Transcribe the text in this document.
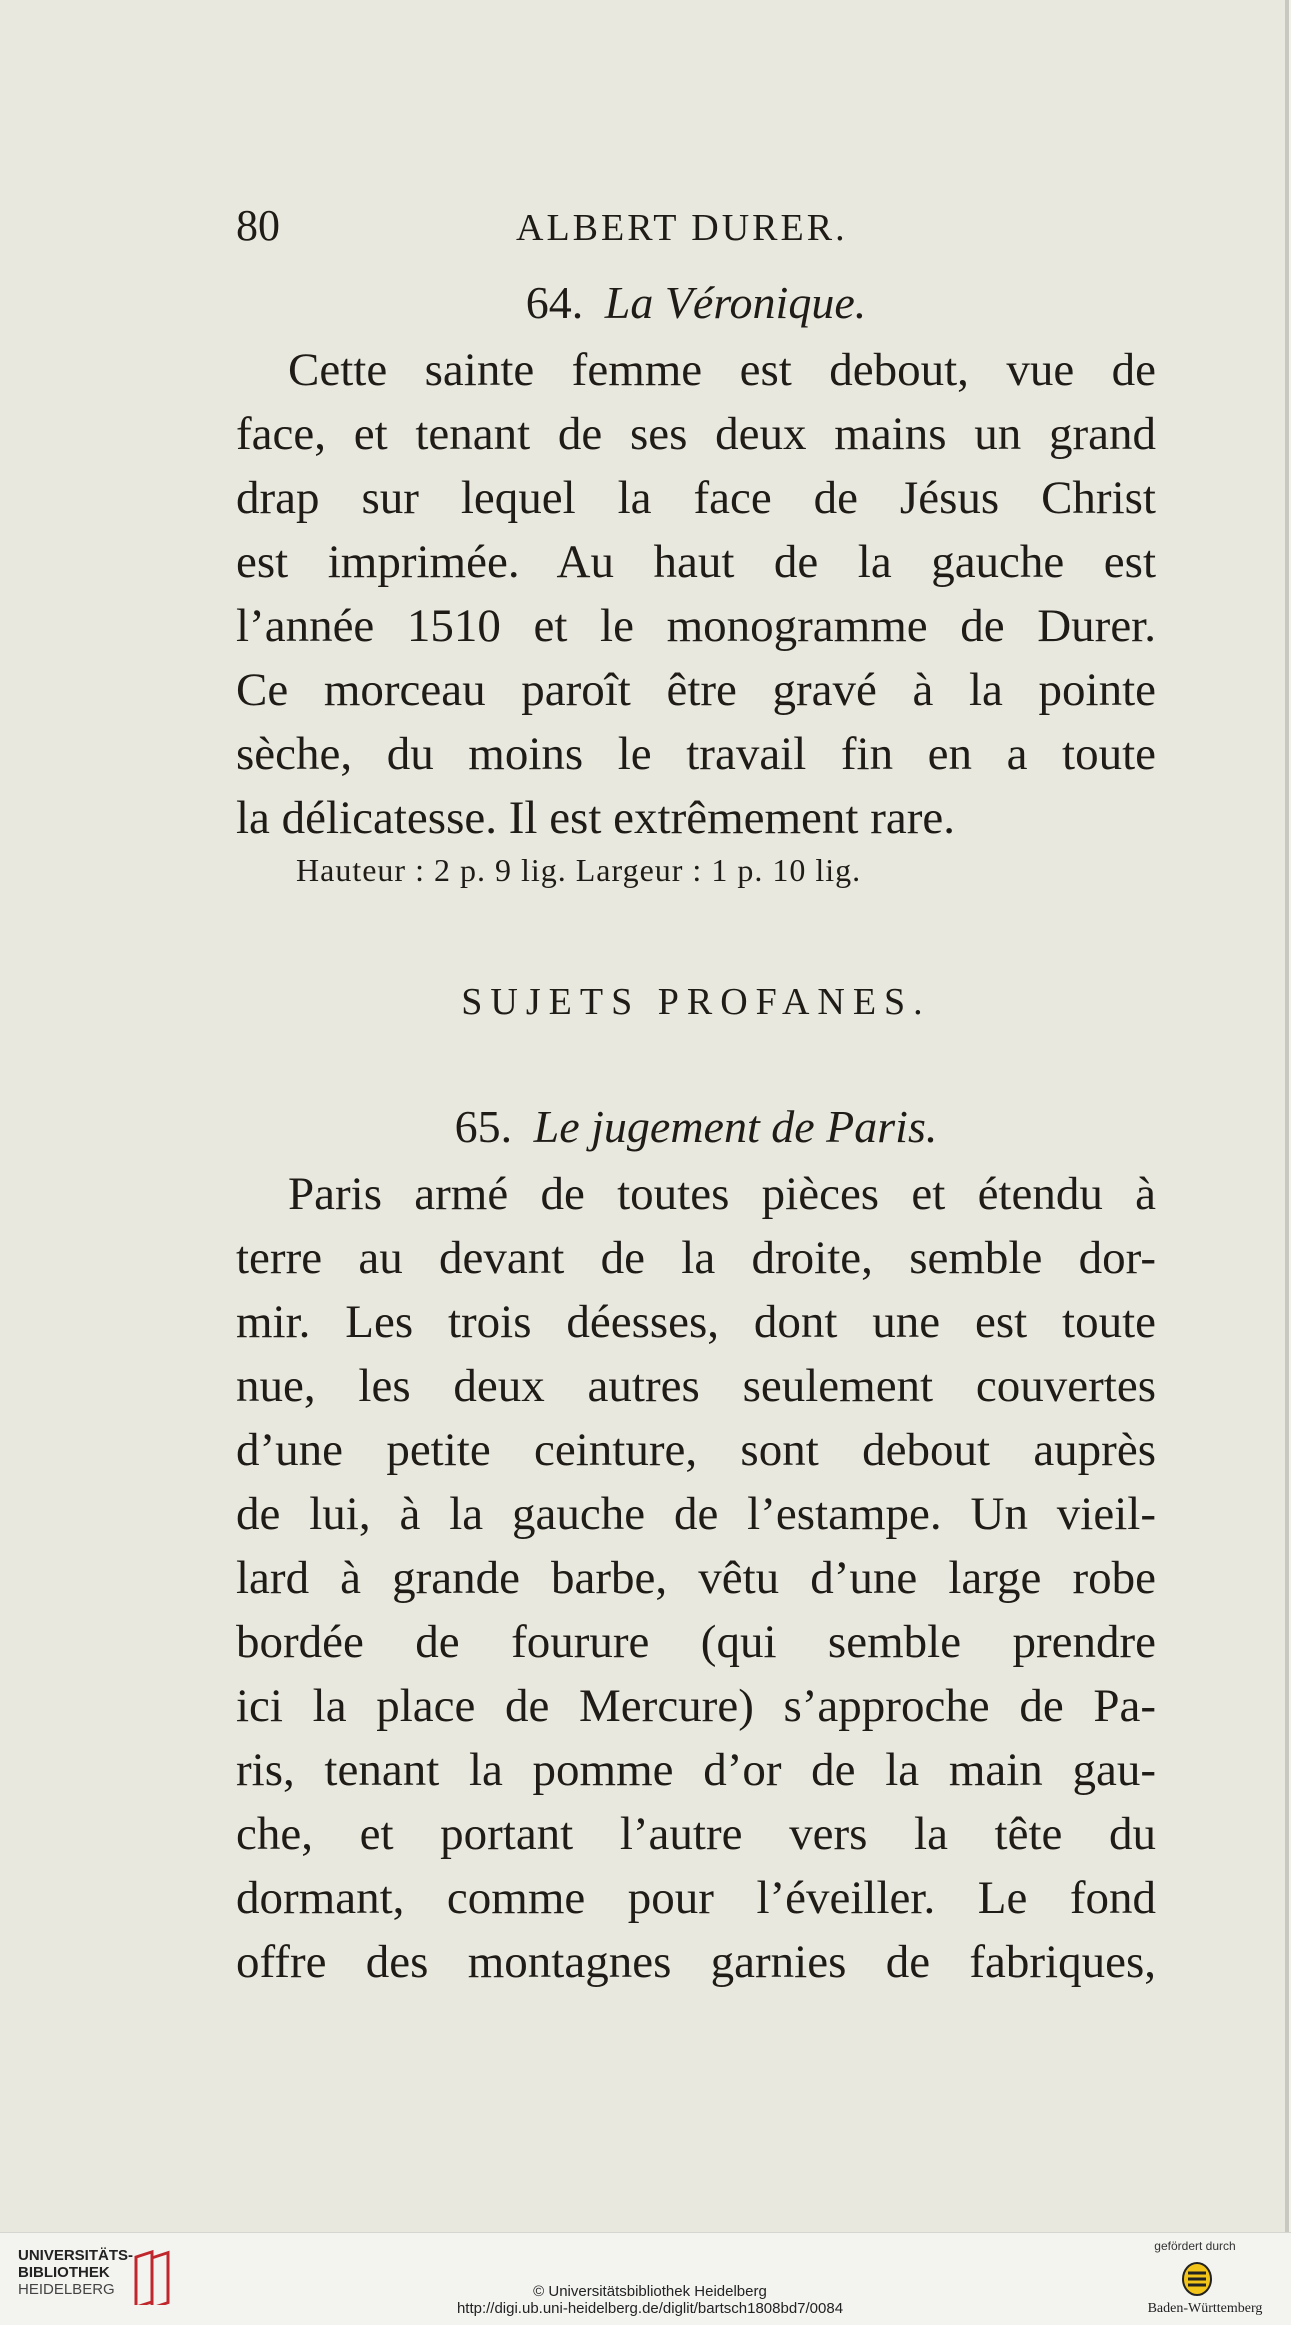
80	ALBERT DURER.
64. La Véronique.
Cette sainte femme est debout, vue de
face, et tenant de ses deux mains un grand
drap sur lequel la face de Jésus Christ
est imprimée. Au haut de la gauche est
l’année 1510 et le monogramme de Durer.
Ce morceau paroît être gravé à la pointe
sèche, du moins le travail fin en a toute
la délicatesse. Il est extrêmement rare.
Hauteur : 2 p. 9 lig. Largeur : 1 p. 10 lig.
SUJETS PROFANES.
65. Le jugement de Paris.
Paris armé de toutes pièces et étendu à
terre au devant de la droite, semble dor-
mir. Les trois déesses, dont une est toute
nue, les deux autres seulement couvertes
d’une petite ceinture, sont debout auprès
de lui, à la gauche de l’estampe. Un vieil-
lard à grande barbe, vêtu d’une large robe
bordée de fourure (qui semble prendre
ici la place de Mercure) s’approche de Pa-
ris, tenant la pomme d’or de la main gau-
che, et portant l’autre vers la tête du
dormant, comme pour l’éveiller. Le fond
offre des montagnes garnies de fabriques,
UNIVERSITÄTS-
BIBLIOTHEK
HEIDELBERG	© Universitätsbibliothek Heidelberg
http://digi.ub.uni-heidelberg.de/diglit/bartsch1808bd7/0084
gefördert durch
Baden-Württemberg
